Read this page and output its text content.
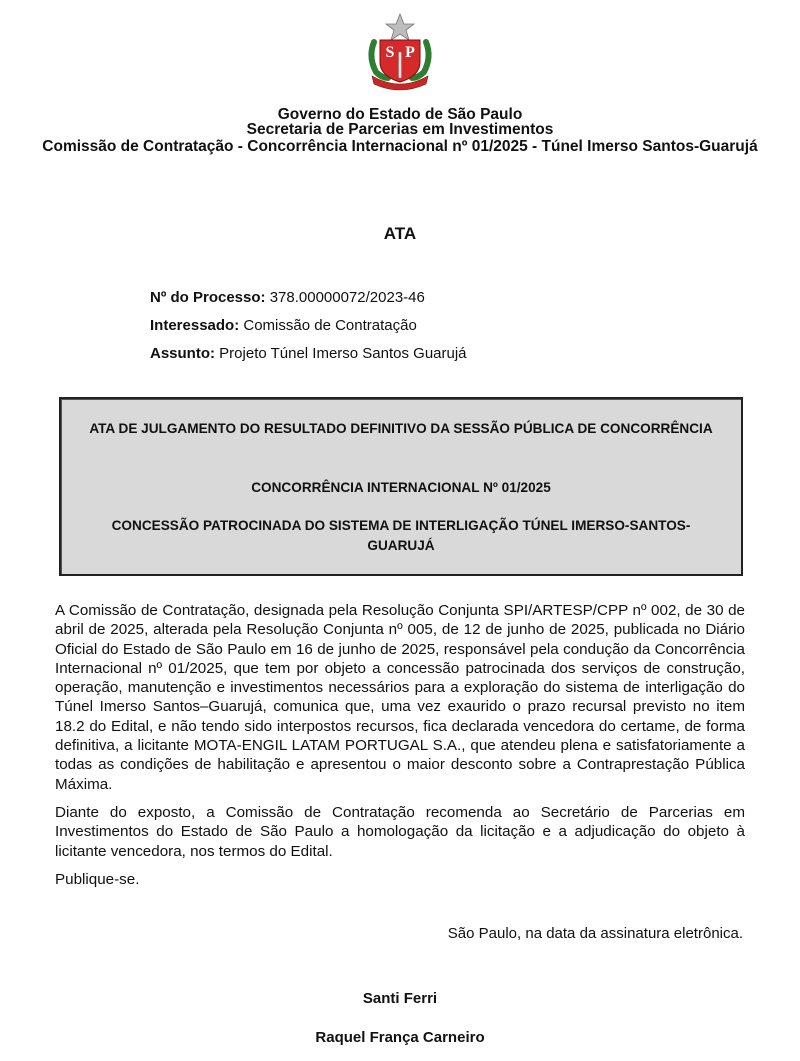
S P
Governo do Estado de São Paulo
Secretaria de Parcerias em Investimentos
Comissão de Contratação - Concorrência Internacional nº 01/2025 - Túnel Imerso Santos-Guarujá
ATA
Nº do Processo: 378.00000072/2023-46
Interessado: Comissão de Contratação
Assunto: Projeto Túnel Imerso Santos Guarujá
ATA DE JULGAMENTO DO RESULTADO DEFINITIVO DA SESSÃO PÚBLICA DE CONCORRÊNCIA
CONCORRÊNCIA INTERNACIONAL Nº 01/2025
CONCESSÃO PATROCINADA DO SISTEMA DE INTERLIGAÇÃO TÚNEL IMERSO-SANTOS-GUARUJÁ

A Comissão de Contratação, designada pela Resolução Conjunta SPI/ARTESP/CPP nº 002, de 30 de abril de 2025, alterada pela Resolução Conjunta nº 005, de 12 de junho de 2025, publicada no Diário Oficial do Estado de São Paulo em 16 de junho de 2025, responsável pela condução da Concorrência Internacional nº 01/2025, que tem por objeto a concessão patrocinada dos serviços de construção, operação, manutenção e investimentos necessários para a exploração do sistema de interligação do Túnel Imerso Santos–Guarujá, comunica que, uma vez exaurido o prazo recursal previsto no item 18.2 do Edital, e não tendo sido interpostos recursos, fica declarada vencedora do certame, de forma definitiva, a licitante MOTA-ENGIL LATAM PORTUGAL S.A., que atendeu plena e satisfatoriamente a todas as condições de habilitação e apresentou o maior desconto sobre a Contraprestação Pública Máxima.

Diante do exposto, a Comissão de Contratação recomenda ao Secretário de Parcerias em Investimentos do Estado de São Paulo a homologação da licitação e a adjudicação do objeto à licitante vencedora, nos termos do Edital.

Publique-se.

São Paulo, na data da assinatura eletrônica.
Santi Ferri
Raquel França Carneiro
